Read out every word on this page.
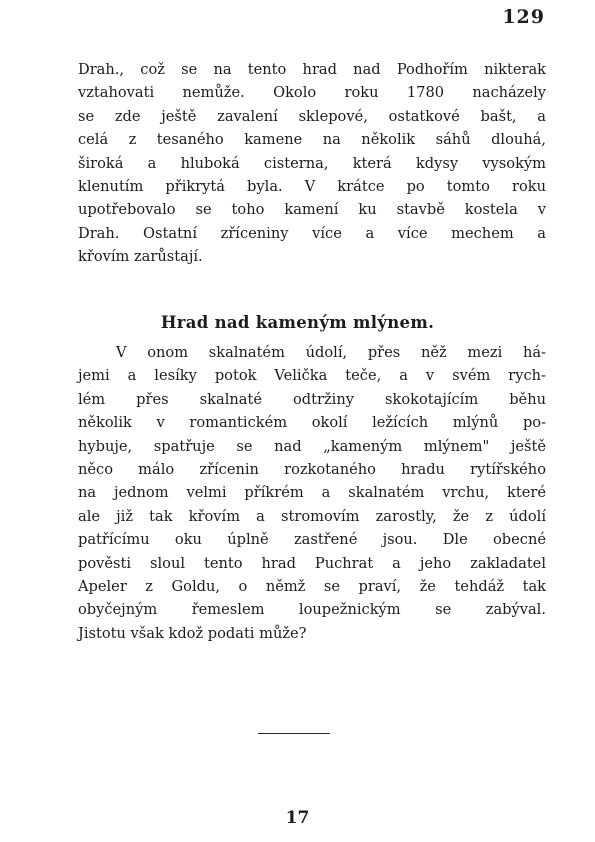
129
Drah., což se na tento hrad nad Podhořím nikterak
vztahovati nemůže. Okolo roku 1780 nacházely
se zde ještě zavalení sklepové, ostatkové bašt, a
celá z tesaného kamene na několik sáhů dlouhá,
široká a hluboká cisterna, která kdysy vysokým
klenutím přikrytá byla. V krátce po tomto roku
upotřebovalo se toho kamení ku stavbě kostela v
Drah. Ostatní zříceniny více a více mechem a
křovím zarůstají.
Hrad nad kameným mlýnem.
V onom skalnatém údolí, přes něž mezi há-
jemi a lesíky potok Velička teče, a v svém rych-
lém přes skalnaté odtržiny skokotajícím běhu
několik v romantickém okolí ležících mlýnů po-
hybuje, spatřuje se nad „kameným mlýnem" ještě
něco málo zřícenin rozkotaného hradu rytířského
na jednom velmi příkrém a skalnatém vrchu, které
ale již tak křovím a stromovím zarostly, že z údolí
patřícímu oku úplně zastřené jsou. Dle obecné
pověsti sloul tento hrad Puchrat a jeho zakladatel
Apeler z Goldu, o němž se praví, že tehdáž tak
obyčejným řemeslem loupežnickým se zabýval.
Jistotu však kdož podati může?
17
